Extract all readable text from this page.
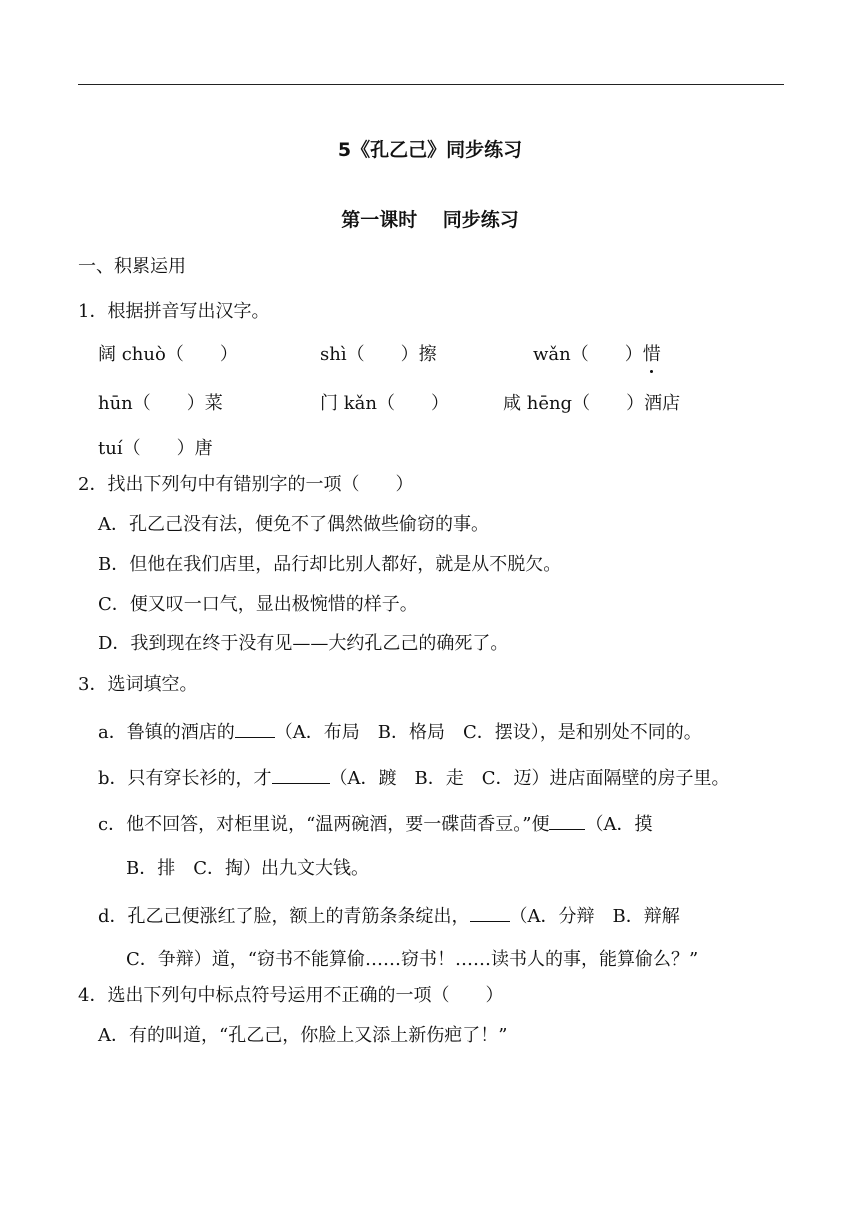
5《孔乙己》同步练习
第一课时　 同步练习
一、积累运用
1．根据拼音写出汉字。
阔 chuò（　　）	shì（　　）擦	wǎn（　　）惜
hūn（　　）菜	门 kǎn（　　）	咸 hēng（　　）酒店
tuí（　　）唐
2．找出下列句中有错别字的一项（　　）
A．孔乙己没有法，便免不了偶然做些偷窃的事。
B．但他在我们店里，品行却比别人都好，就是从不脱欠。
C．便又叹一口气，显出极惋惜的样子。
D．我到现在终于没有见——大约孔乙己的确死了。
3．选词填空。
a．鲁镇的酒店的 （A．布局　B．格局　C．摆设），是和别处不同的。
b．只有穿长衫的，才	（A．踱　B．走　C．迈）进店面隔壁的房子里。
c．他不回答，对柜里说，“温两碗酒，要一碟茴香豆。”便 （A．摸
B．排　C．掏）出九文大钱。
d．孔乙己便涨红了脸，额上的青筋条条绽出， （A．分辩　B．辩解
C．争辩）道，“窃书不能算偷……窃书！……读书人的事，能算偷么？”
4．选出下列句中标点符号运用不正确的一项（　　）
A．有的叫道，“孔乙己，你脸上又添上新伤疤了！”
